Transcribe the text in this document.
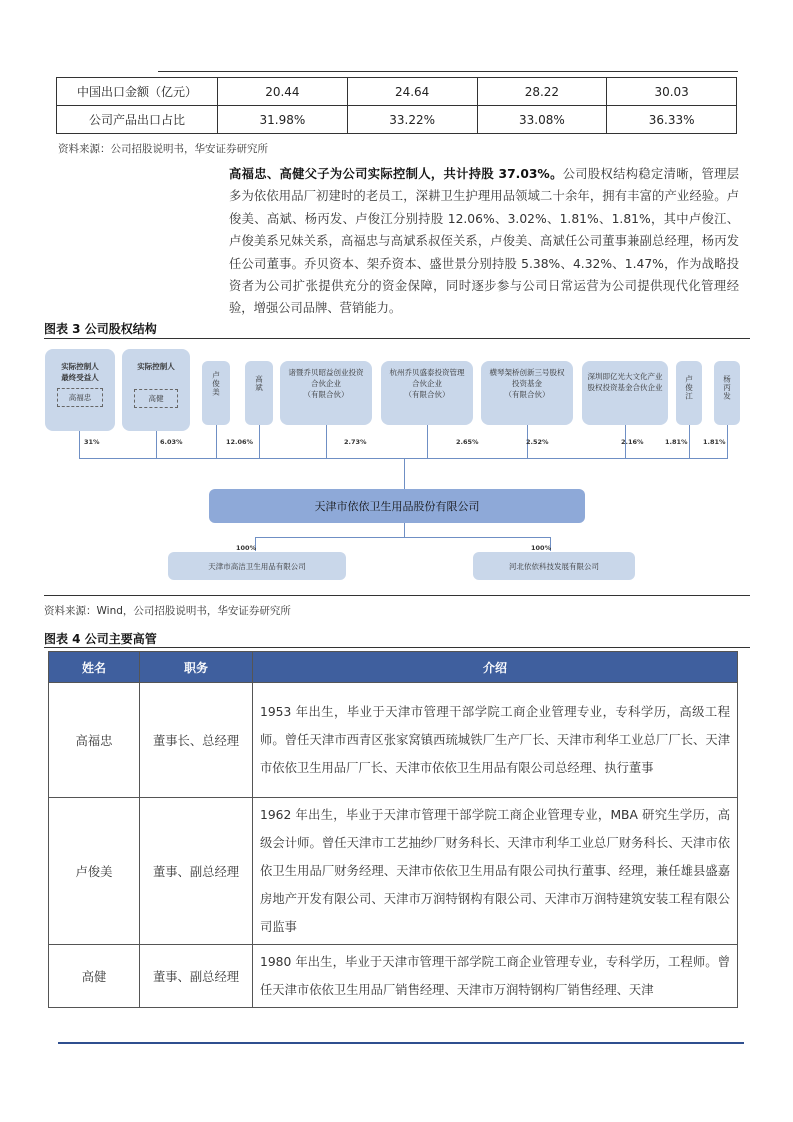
中国出口金额（亿元）	20.44	24.64	28.22	30.03
公司产品出口占比	31.98%	33.22%	33.08%	36.33%
资料来源：公司招股说明书，华安证券研究所
高福忠、高健父子为公司实际控制人，共计持股 37.03%。公司股权结构稳定清晰，管理层多为依依用品厂初建时的老员工，深耕卫生护理用品领域二十余年，拥有丰富的产业经验。卢俊美、高斌、杨丙发、卢俊江分别持股 12.06%、3.02%、1.81%、1.81%，其中卢俊江、卢俊美系兄妹关系，高福忠与高斌系叔侄关系，卢俊美、高斌任公司董事兼副总经理，杨丙发任公司董事。乔贝资本、架乔资本、盛世景分别持股 5.38%、4.32%、1.47%，作为战略投资者为公司扩张提供充分的资金保障，同时逐步参与公司日常运营为公司提供现代化管理经验，增强公司品牌、营销能力。
图表 3 公司股权结构
实际控制人
最终受益人
高福忠
实际控制人
高健
卢俊美	高斌
诸暨乔贝昭益创业投资
合伙企业
（有限合伙）
杭州乔贝盛泰投资管理
合伙企业
（有限合伙）
横琴架桥创新三号股权
投资基金
（有限合伙）
深圳即亿光大文化产业
股权投资基金合伙企业	卢俊江	杨丙发
31%	6.03%	12.06%	2.73%	2.65%	2.52%	2.16%	1.81% 1.81%
天津市依依卫生用品股份有限公司
100%	100%
天津市高洁卫生用品有限公司	河北依依科技发展有限公司
资料来源：Wind，公司招股说明书，华安证券研究所
图表 4 公司主要高管
姓名	职务	介绍
高福忠	董事长、总经理	1953 年出生，毕业于天津市管理干部学院工商企业管理专业，专科学历，高级工程师。曾任天津市西青区张家窝镇西琉城铁厂生产厂长、天津市利华工业总厂厂长、天津市依依卫生用品厂厂长、天津市依依卫生用品有限公司总经理、执行董事
卢俊美	董事、副总经理	1962 年出生，毕业于天津市管理干部学院工商企业管理专业，MBA 研究生学历，高级会计师。曾任天津市工艺抽纱厂财务科长、天津市利华工业总厂财务科长、天津市依依卫生用品厂财务经理、天津市依依卫生用品有限公司执行董事、经理，兼任雄县盛嘉房地产开发有限公司、天津市万润特钢构有限公司、天津市万润特建筑安装工程有限公司监事
高健	董事、副总经理	1980 年出生，毕业于天津市管理干部学院工商企业管理专业，专科学历，工程师。曾任天津市依依卫生用品厂销售经理、天津市万润特钢构厂销售经理、天津
